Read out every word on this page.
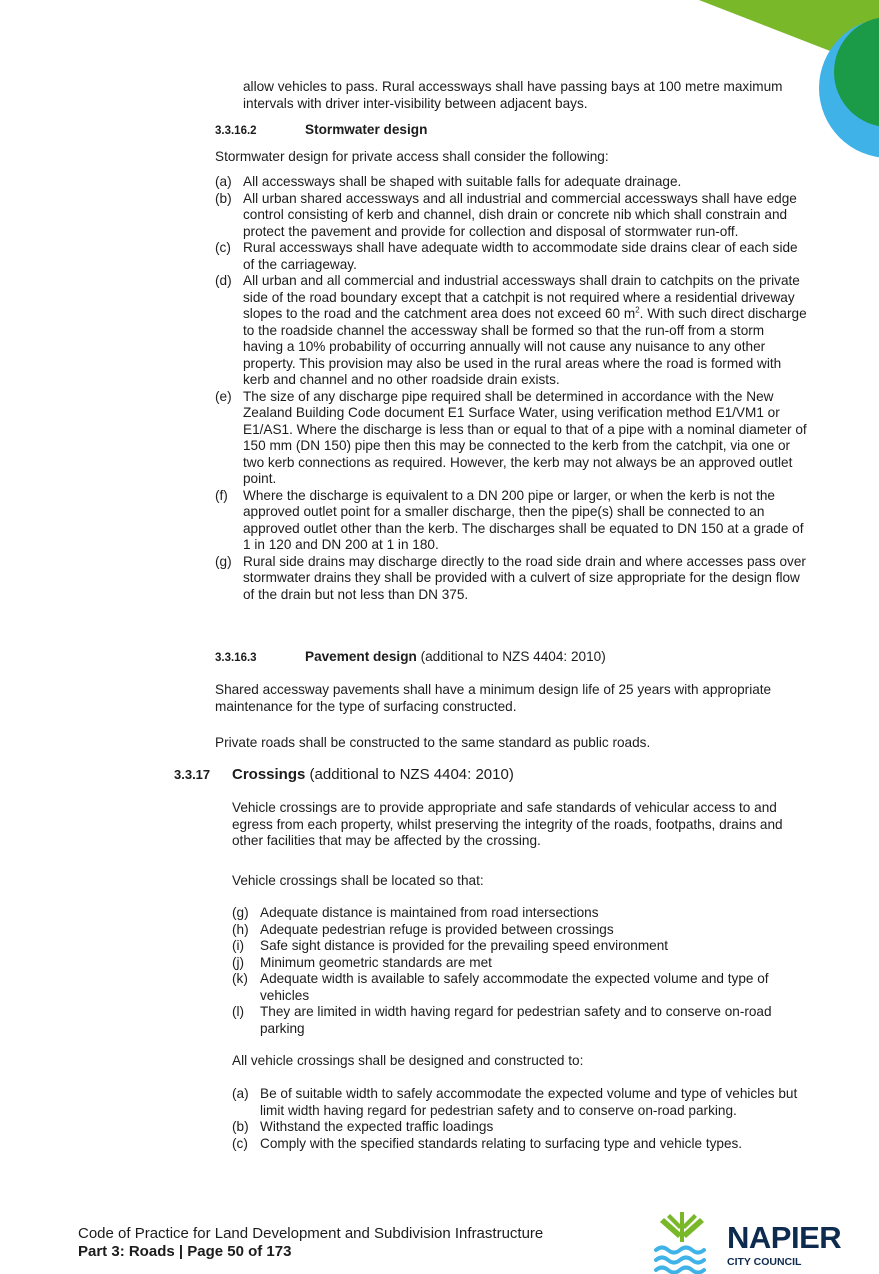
allow vehicles to pass. Rural accessways shall have passing bays at 100 metre maximum intervals with driver inter-visibility between adjacent bays.

3.3.16.2	Stormwater design

Stormwater design for private access shall consider the following:

(a) All accessways shall be shaped with suitable falls for adequate drainage.
(b) All urban shared accessways and all industrial and commercial accessways shall have edge control consisting of kerb and channel, dish drain or concrete nib which shall constrain and protect the pavement and provide for collection and disposal of stormwater run-off.
(c) Rural accessways shall have adequate width to accommodate side drains clear of each side of the carriageway.
(d) All urban and all commercial and industrial accessways shall drain to catchpits on the private side of the road boundary except that a catchpit is not required where a residential driveway slopes to the road and the catchment area does not exceed 60 $m^2$. With such direct discharge to the roadside channel the accessway shall be formed so that the run-off from a storm having a 10% probability of occurring annually will not cause any nuisance to any other property. This provision may also be used in the rural areas where the road is formed with kerb and channel and no other roadside drain exists.
(e) The size of any discharge pipe required shall be determined in accordance with the New Zealand Building Code document E1 Surface Water, using verification method E1/VM1 or E1/AS1. Where the discharge is less than or equal to that of a pipe with a nominal diameter of 150 mm (DN 150) pipe then this may be connected to the kerb from the catchpit, via one or two kerb connections as required. However, the kerb may not always be an approved outlet point.
(f)	Where the discharge is equivalent to a DN 200 pipe or larger, or when the kerb is not the approved outlet point for a smaller discharge, then the pipe(s) shall be connected to an approved outlet other than the kerb. The discharges shall be equated to DN 150 at a grade of 1 in 120 and DN 200 at 1 in 180.
(g) Rural side drains may discharge directly to the road side drain and where accesses pass over stormwater drains they shall be provided with a culvert of size appropriate for the design flow of the drain but not less than DN 375.
3.3.16.3	Pavement design (additional to NZS 4404: 2010)

Shared accessway pavements shall have a minimum design life of 25 years with appropriate maintenance for the type of surfacing constructed.

Private roads shall be constructed to the same standard as public roads.

3.3.17 Crossings (additional to NZS 4404: 2010)

Vehicle crossings are to provide appropriate and safe standards of vehicular access to and egress from each property, whilst preserving the integrity of the roads, footpaths, drains and other facilities that may be affected by the crossing.

Vehicle crossings shall be located so that:

(g) Adequate distance is maintained from road intersections
(h) Adequate pedestrian refuge is provided between crossings
(i)	Safe sight distance is provided for the prevailing speed environment
(j)	Minimum geometric standards are met
(k) Adequate width is available to safely accommodate the expected volume and type of vehicles
(l)	They are limited in width having regard for pedestrian safety and to conserve on-road parking

All vehicle crossings shall be designed and constructed to:

(a) Be of suitable width to safely accommodate the expected volume and type of vehicles but limit width having regard for pedestrian safety and to conserve on-road parking.
(b) Withstand the expected traffic loadings
(c) Comply with the specified standards relating to surfacing type and vehicle types.
Code of Practice for Land Development and Subdivision Infrastructure
Part 3: Roads | Page 50 of 173	NAPIER
CITY COUNCIL
